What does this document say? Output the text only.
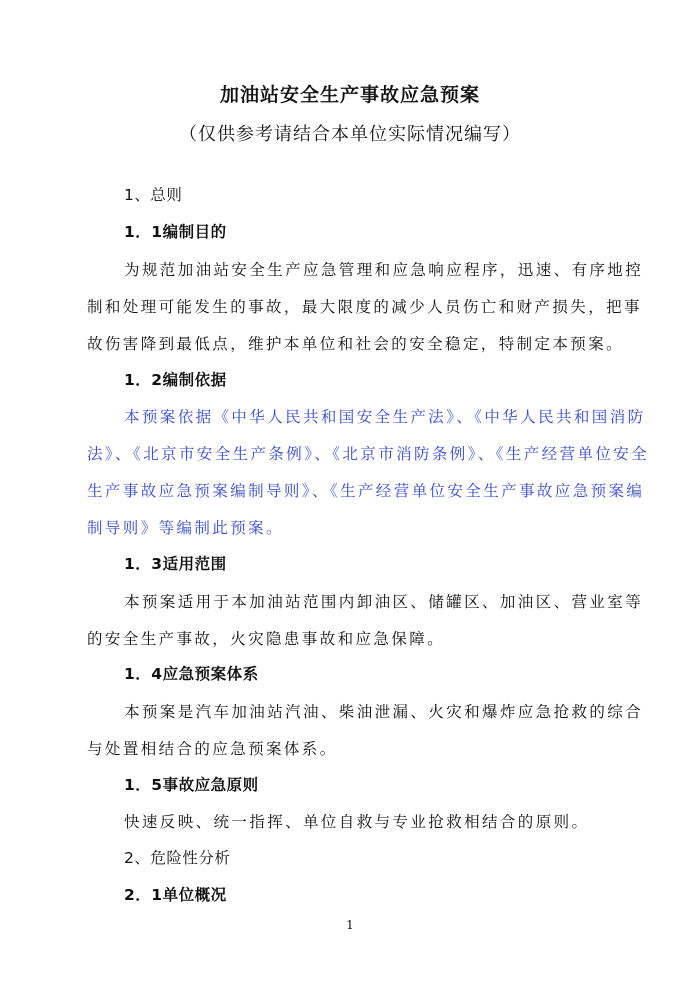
加油站安全生产事故应急预案
（仅供参考请结合本单位实际情况编写）
1、总则
1．1编制目的
为规范加油站安全生产应急管理和应急响应程序，迅速、有序地控
制和处理可能发生的事故，最大限度的减少人员伤亡和财产损失，把事
故伤害降到最低点，维护本单位和社会的安全稳定，特制定本预案。
1．2编制依据
本预案依据《中华人民共和国安全生产法》、《中华人民共和国消防
法》、《北京市安全生产条例》、《北京市消防条例》、《生产经营单位安全
生产事故应急预案编制导则》、《生产经营单位安全生产事故应急预案编
制导则》等编制此预案。
1．3适用范围
本预案适用于本加油站范围内卸油区、储罐区、加油区、营业室等
的安全生产事故，火灾隐患事故和应急保障。
1．4应急预案体系
本预案是汽车加油站汽油、柴油泄漏、火灾和爆炸应急抢救的综合
与处置相结合的应急预案体系。
1．5事故应急原则
快速反映、统一指挥、单位自救与专业抢救相结合的原则。
2、危险性分析
2．1单位概况
1
